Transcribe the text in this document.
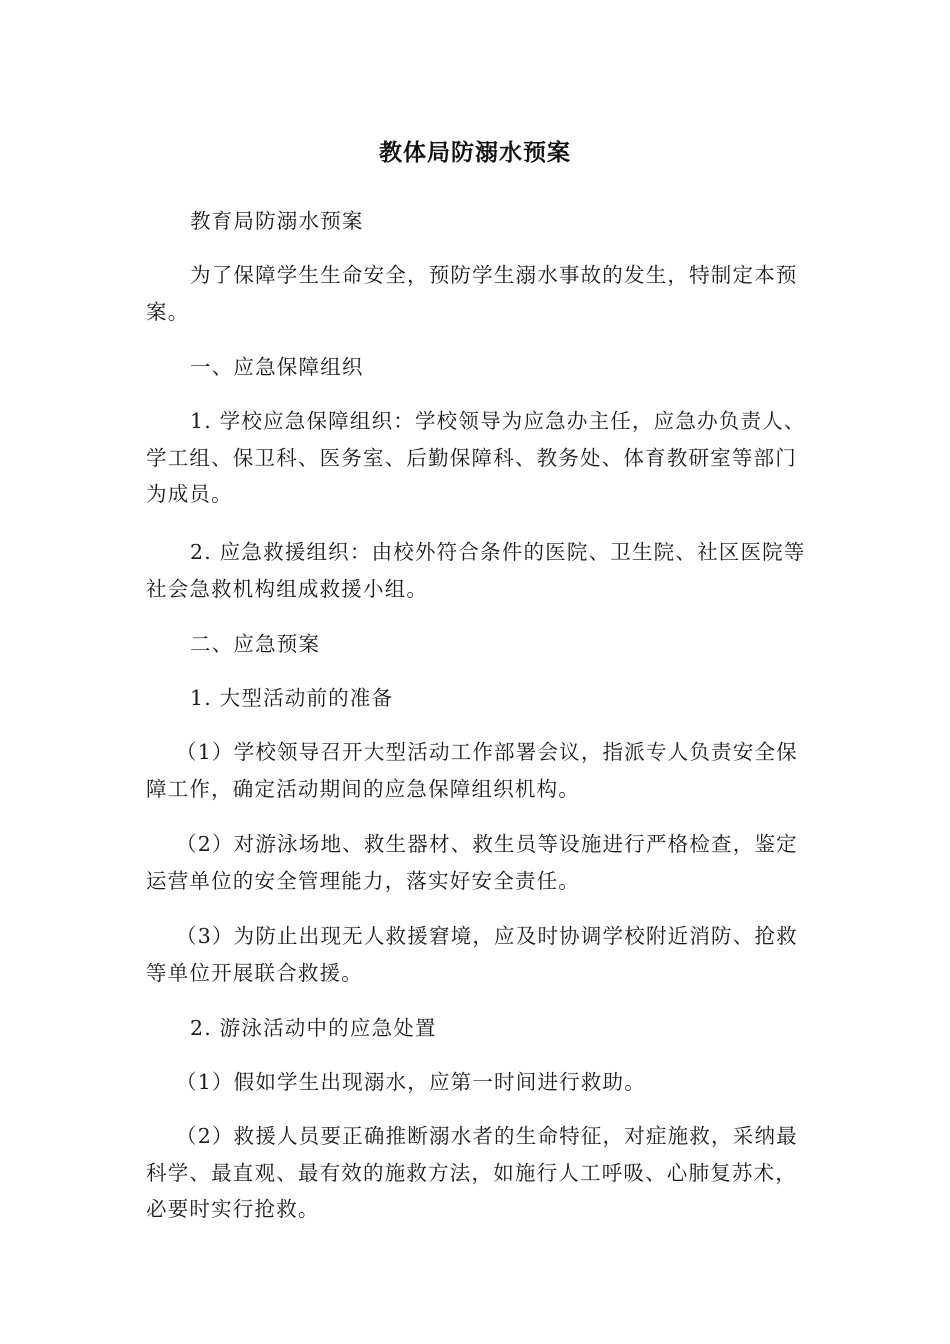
教体局防溺水预案

教育局防溺水预案

为了保障学生生命安全，预防学生溺水事故的发生，特制定本预案。

一、应急保障组织

1. 学校应急保障组织：学校领导为应急办主任，应急办负责人、学工组、保卫科、医务室、后勤保障科、教务处、体育教研室等部门为成员。

2. 应急救援组织：由校外符合条件的医院、卫生院、社区医院等社会急救机构组成救援小组。

二、应急预案

1. 大型活动前的准备

（1）学校领导召开大型活动工作部署会议，指派专人负责安全保障工作，确定活动期间的应急保障组织机构。

（2）对游泳场地、救生器材、救生员等设施进行严格检查，鉴定运营单位的安全管理能力，落实好安全责任。

（3）为防止出现无人救援窘境，应及时协调学校附近消防、抢救等单位开展联合救援。

2. 游泳活动中的应急处置

（1）假如学生出现溺水，应第一时间进行救助。

（2）救援人员要正确推断溺水者的生命特征，对症施救，采纳最科学、最直观、最有效的施救方法，如施行人工呼吸、心肺复苏术，必要时实行抢救。
